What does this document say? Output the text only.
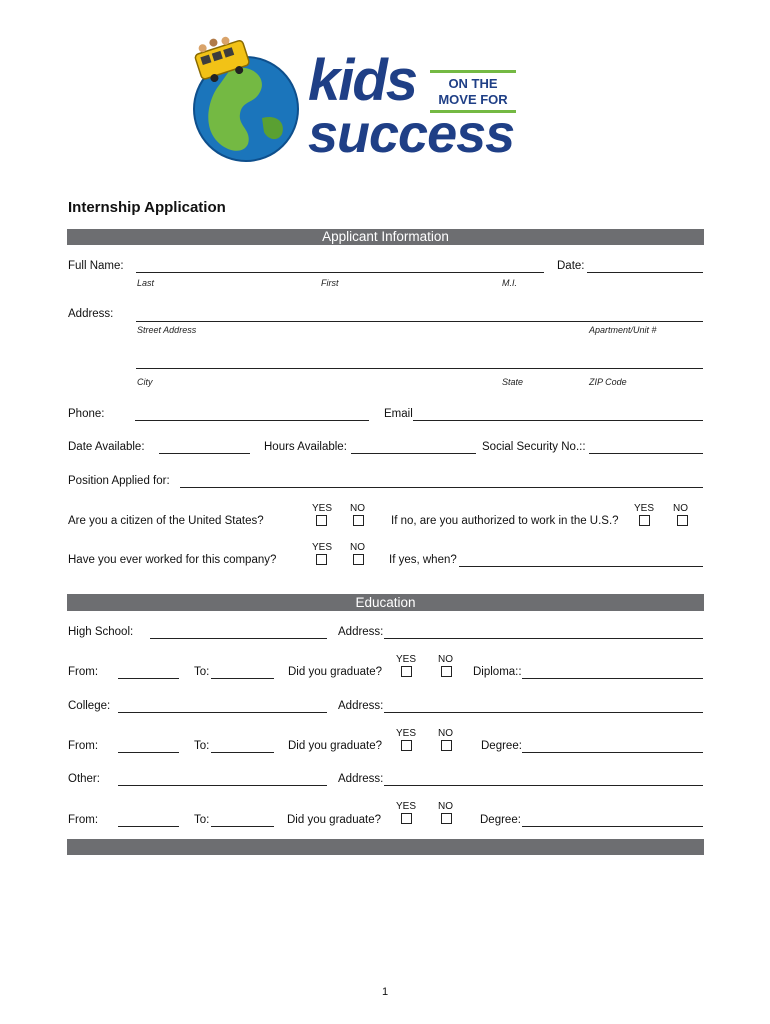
kids
success
ON THE
MOVE FOR
Internship Application
Applicant Information
Full Name:	Date:
Last	First	M.I.
Address:
Street Address	Apartment/Unit #
City	State	ZIP Code
Phone:	Email
Date Available:	Hours Available:	Social Security No.::
Position Applied for:
YES NO
Are you a citizen of the United States?
YES NO
If no, are you authorized to work in the U.S.?
YES NO
Have you ever worked for this company?	If yes, when?
Education
High School:	Address:
YES NO
From:	To:	Did you graduate?	Diploma::
College:	Address:
YES NO
From:	To:	Did you graduate?	Degree:
Other:	Address:
YES NO
From:	To:	Did you graduate?	Degree:
1
